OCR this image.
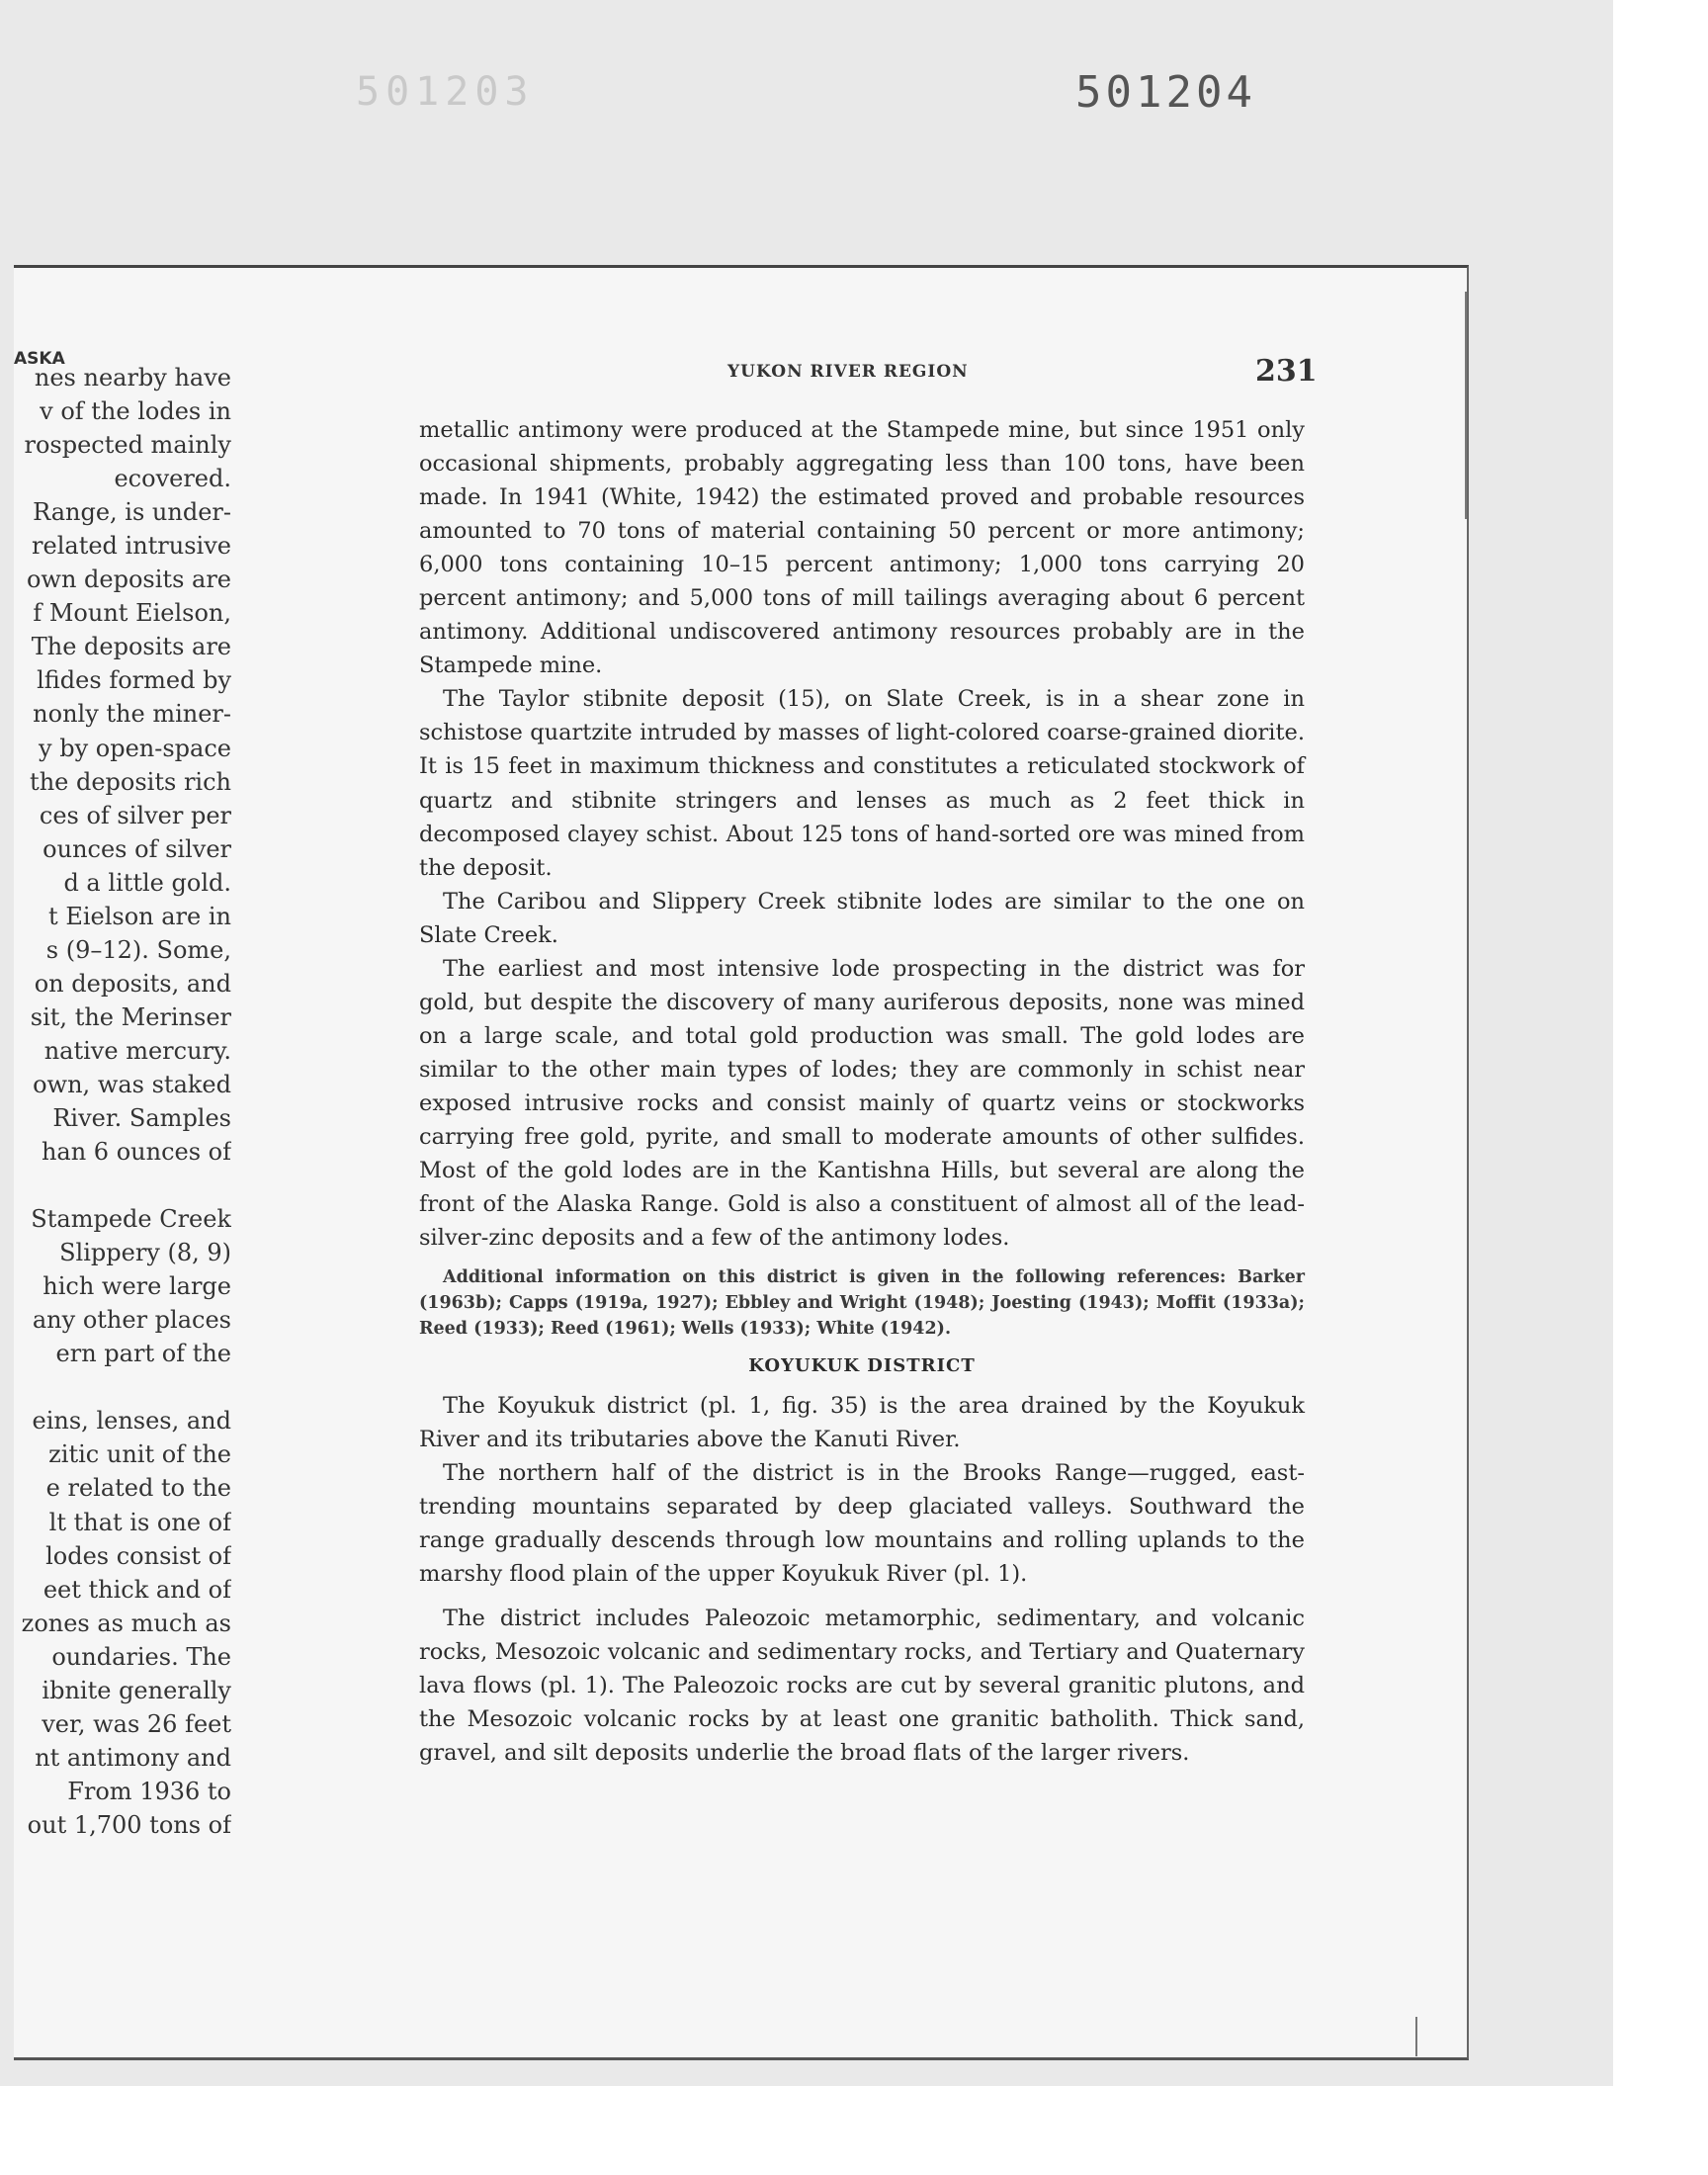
501203	501204
ASKA
nes nearby have
v of the lodes in
rospected mainly
ecovered.
Range, is under-
related intrusive
own deposits are
f Mount Eielson,
The deposits are
lfides formed by
nonly the miner-
y by open-space
the deposits rich
ces of silver per
ounces of silver
d a little gold.
t Eielson are in
s (9–12). Some,
on deposits, and
sit, the Merinser
native mercury.
own, was staked
River. Samples
han 6 ounces of
Stampede Creek
Slippery (8, 9)
hich were large
any other places
ern part of the
eins, lenses, and
zitic unit of the
e related to the
lt that is one of
lodes consist of
eet thick and of
zones as much as
oundaries. The
ibnite generally
ver, was 26 feet
nt antimony and
From 1936 to
out 1,700 tons of
YUKON RIVER REGION	231

metallic antimony were produced at the Stampede mine, but since 1951 only occasional shipments, probably aggregating less than 100 tons, have been made. In 1941 (White, 1942) the estimated proved and probable resources amounted to 70 tons of material containing 50 percent or more antimony; 6,000 tons containing 10–15 percent antimony; 1,000 tons carrying 20 percent antimony; and 5,000 tons of mill tailings averaging about 6 percent antimony. Additional undiscovered antimony resources probably are in the Stampede mine.

The Taylor stibnite deposit (15), on Slate Creek, is in a shear zone in schistose quartzite intruded by masses of light-colored coarse-grained diorite. It is 15 feet in maximum thickness and constitutes a reticulated stockwork of quartz and stibnite stringers and lenses as much as 2 feet thick in decomposed clayey schist. About 125 tons of hand-sorted ore was mined from the deposit.

The Caribou and Slippery Creek stibnite lodes are similar to the one on Slate Creek.

The earliest and most intensive lode prospecting in the district was for gold, but despite the discovery of many auriferous deposits, none was mined on a large scale, and total gold production was small. The gold lodes are similar to the other main types of lodes; they are commonly in schist near exposed intrusive rocks and consist mainly of quartz veins or stockworks carrying free gold, pyrite, and small to moderate amounts of other sulfides. Most of the gold lodes are in the Kantishna Hills, but several are along the front of the Alaska Range. Gold is also a constituent of almost all of the lead-silver-zinc deposits and a few of the antimony lodes.

Additional information on this district is given in the following references: Barker (1963b); Capps (1919a, 1927); Ebbley and Wright (1948); Joesting (1943); Moffit (1933a); Reed (1933); Reed (1961); Wells (1933); White (1942).

KOYUKUK DISTRICT

The Koyukuk district (pl. 1, fig. 35) is the area drained by the Koyukuk River and its tributaries above the Kanuti River.

The northern half of the district is in the Brooks Range—rugged, east-trending mountains separated by deep glaciated valleys. Southward the range gradually descends through low mountains and rolling uplands to the marshy flood plain of the upper Koyukuk River (pl. 1).

The district includes Paleozoic metamorphic, sedimentary, and volcanic rocks, Mesozoic volcanic and sedimentary rocks, and Tertiary and Quaternary lava flows (pl. 1). The Paleozoic rocks are cut by several granitic plutons, and the Mesozoic volcanic rocks by at least one granitic batholith. Thick sand, gravel, and silt deposits underlie the broad flats of the larger rivers.
